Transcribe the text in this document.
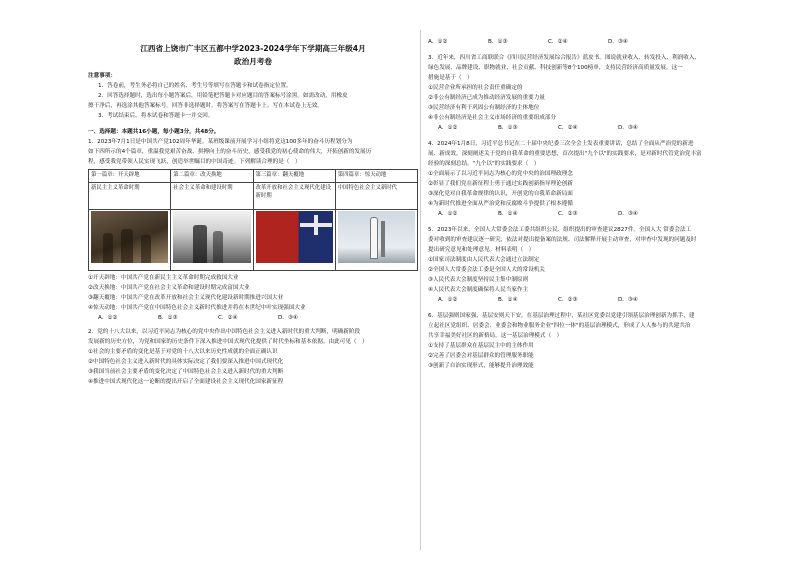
江西省上饶市广丰区五都中学2023-2024学年下学期高三年级4月
政治月考卷
注意事项：
1．答卷前，考生务必将自己的姓名、考生号等填写在答题卡和试卷指定位置。
2．回答选择题时，选出每小题答案后，用铅笔把答题卡对应题目的答案标号涂黑。如需改动，用橡皮
擦干净后，再选涂其他答案标号。回答非选择题时，将答案写在答题卡上。写在本试卷上无效。
3．考试结束后，将本试卷和答题卡一并交回。
一、选择题：本题共16小题，每小题3分，共48分。
1．2023年7月1日是中国共产党102周年华诞。某班级课前开展学习小组将党这100多年的奋斗历程划分为
如下四所示的4个篇章，重温我党艰苦奋战、拼搏向上的奋斗历史，感受我党的初心使命的伟大，开拓创新的发展历
程，感受我党带领人民实现飞跃，创造举世瞩目的中国奇迹。下列解读合理的是（　）
第一篇章：开天辟地	第二篇章：改天换地	第三篇章：翻天覆地	第四篇章：惊天动地
新民主主义革命时期	社会主义革命和建设时期	改革开放和社会主义现代化建设新时期	中国特色社会主义新时代

①开天辟地：中国共产党在新民主主义革命时期完成救国大业
②改天换地：中国共产党在社会主义革命和建设时期完成富国大业
③翻天覆地：中国共产党在改革开放和社会主义现代化建设新时期推进兴国大业
④惊天动地：中国共产党在中国特色社会主义新时代推进并将在本世纪中叶实现强国大业
A．①②	B．①③	C．②④	D．③④
2．党的十八大以来，以习近平同志为核心的党中央作出中国特色社会主义进入新时代的重大判断，明确新阶段
发展新的历史方位，为党和国家的历史条件下深入推进中国式现代化提供了时代坐标和基本依据。由此可见（　）
①社会的主要矛盾的变化是基于对党的十八大以来历史性成就的全面正确认识
②中国特色社会主义进入新时代的具体实际决定了我们要深入推进中国式现代化
③我国当前社会主要矛盾的变化决定了中国特色社会主义进入新时代的重大判断
④推进中国式现代化这一论断的提出开启了全面建设社会主义现代化国家新征程
A．①②	B．①③	C．②④	D．③④
3．近年来，四川省工商联联合《四川民营经济发展综合报告》蓝皮书。图说就业收入、转发投入、利润收入、
绿色发展、品牌建设、职物就业、社会贡献、科技创新等8个100榜单，支持民营经济高质量发展。这一
措施是基于（　）
①民营企业所承担的社会责任重确定的
②非公有制经济已成为推动经济发展的重要力量
③民营经济有利于巩固公有制经济的主体地位
④非公有制经济是社会主义市场经济的重要组成部分
A．①②	B．①③	C．②④	D．③④
4．2024年1月8日，习近平总书记在二十届中央纪委三次全会上发表重要讲话，总结了全面从严治党的新进
展、新成效，深刻阐述关于党的自我革命的重要思想，首次提出"九个以"的实践要求，是对新时代管党治党丰富
经验的深刻总结。"九个以"的实践要求（　）
①全面展示了以习近平同志为核心的党中央的治国理政理念
②彰显了我们党在新征程上勇于通过实践创新指导理论创新
③深化党对自我革命规律的认识，开创党的自我革命新局面
④为新时代推进全面从严治党和反腐败斗争提供了根本遵循
A．①②	B．①④	C．②③	D．③④
5．2023年以来，全国人大常委会法工委共组织公民、组织提出的审查建议2827件。全国人大 常委会法工
委对收到的审查建议逐一研究，依法对提出提备案的法规、司法解释开展主动审查，对审查中发现的问题及时
提出研究意见和处理意见。材料表明（　）
①国家司法制度由人民代表大会通过立法制定
②全国人大常委会法工委是全国人大的常设机关
③人民代表大会制度坚持民主集中制原则
④人民代表大会制度确保将人民当家作主
A．①②	B．①④	C．②③	D．③④
6．基层强则国家强，基层安则天下安。在基层治理过程中，某社区党委以党建引领基层治理创新为抓手，建
立起社区党组织、居委会、业委会和物业服务企业"四位一体"的基层治理模式，形成了人人参与的共建共治
共享幸福美好社区的新格局。这一基层治理模式（　）
①支持了基层群众在基层民主中的主体作用
②完善了居委会对基层群众的管理服务职能
③创新了自治实现形式，能够提升治理效能
